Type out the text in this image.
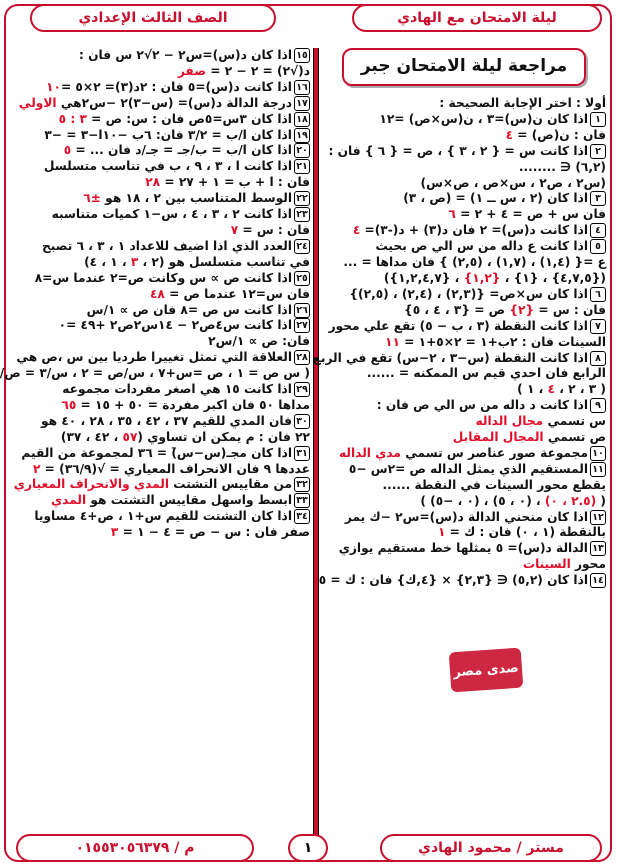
ليلة الامتحان مع الهادي
الصف الثالث الإعدادي
مراجعة ليلة الامتحان جبر
أولا : اختر الإجابة الصحيحة :
١اذا كان ن(س)=٣ ، ن(س×ص) =١٢
فان : ن(ص) = ٤
٢اذا كانت س = { ٢ ، ٣ } ، ص = { ٦ } فان :
(٦,٢) ∈ ........
(س٢ ، ص٢ ، س×ص ، ص×س)
٣اذا كان (٢ ، س ــ ١) = (ص ، ٣)
فان س + ص = ٤ + ٢ = ٦
٤اذا كانت د(س)= ٢ فان د(٣) + د(-٣)= ٤
٥اذا كانت ع داله من س الي ص بحيث
ع ={ (١,٤) ، (١,٧) ، (٢,٥) } فان مداها = ...
({٤,٧,٥} ، {١} ، {١,٢} ، {١,٢,٤,٧})
٦اذا كان س×ص= {(٢,٣) ، (٢,٤) ، (٢,٥)}
فان : س = {٢} ص = {٣ ، ٤ ، ٥}
٧اذا كانت النقطة (٣ ، ب − ٥) تقع علي محور
السينات فان : ٢ب+١ = ٢×٥+١ = ١١
٨اذا كانت النقطة (س−٣ ، ٢−س) تقع في الربع
الرابع فان احدي قيم س الممكنه = ......
( ٣ ، ٢ ، ٤ ، ١ )
٩اذا كانت د داله من س الي ص فان :
س تسمي مجال الداله
ص تسمي المجال المقابل
١٠مجموعة صور عناصر س تسمي مدي الداله
١١المستقيم الذي يمثل الداله ص =٢س −٥
يقطع محور السينات في النقطة ......
( (٢.٥ ، ٠) ، (٠ ، ٥) ، (٠ ، −٥) )
١٢اذا كان منحني الدالة د(س)=س٢ −ك يمر
بالنقطة (١ ، ٠) فان : ك = ١
١٣الدالة د(س)= ٥ يمثلها خط مستقيم يوازي
محور السينات
١٤اذا كان (٥,٢) ∈ {٢,٣} × {٤,ك} فان : ك = ٥
١٥اذا كان د(س)=س٢ − ٢√٢ س فان :
د(√٢) = ٢ − ٢ = صفر
١٦اذا كانت د(س)=٥ فان : ٢د(٣)= ٢×٥ =١٠
١٧درجة الدالة د(س)= (س−٣)٢ −س٢هي الاولي
١٨اذا كان ٣س=٥ص فان : س: ص = ٣ : ٥
١٩اذا كان ا/ب = ٣/٢ فان: ٦ب −١٠ا−٣ = −٣
٢٠اذا كان ا/ب = ب/جـ = جـ/د فان ... = ٥
٢١اذا كانت ا ، ٣ ، ٩ ، ب في تناسب متسلسل
فان : ا + ب = ١ + ٢٧ = ٢٨
٢٢الوسط المتناسب بين ٢ ، ١٨ هو ±٦
٢٣اذا كانت ٢ ، ٣ ، ٤ ، س−١ كميات متناسبه
فان : س = ٧
٢٤العدد الذي اذا اضيف للاعداد ١ ، ٣ ، ٦ تصبح
في تناسب متسلسل هو (٢ ، ٣ ، ١ ، ٤)
٢٥اذا كانت ص ∝ س وكانت ص=٢ عندما س=٨
فان س=١٢ عندما ص = ٤٨
٢٦اذا كانت س ص =٨ فان ص ∝ ١/س
٢٧اذا كانت س٤ص٢ − ١٤س٢ص٢ +٤٩ =٠
فان: ص ∝ ١/س٢
٢٨العلاقة التي تمثل تغييرا طرديا بين س ،ص هي
( س ص = ١ ، ص =س+٧ ، س/ص = ٢ ، س/٣ = ص/
٢٩اذا كانت ١٥ هي اصغر مفردات مجموعه
مداها ٥٠ فان اكبر مفردة = ٥٠ + ١٥ = ٦٥
٣٠فان المدي للقيم ٣٧ ، ٤٢ ، ٣٥ ، ٢٨ ، ٤٠ هو
٢٢ فان : م يمكن ان تساوي (٥٧ ، ٤٢ ، ٣٧)
٣١اذا كان مجـ(س−س̄) = ٣٦ لمجموعة من القيم
عددها ٩ فان الانحراف المعياري = √(٣٦/٩) = ٢
٣٢من مقاييس التشتت المدي والانحراف المعياري
٣٣ابسط واسهل مقاييس التشتت هو المدي
٣٤اذا كان التشتت للقيم س+١ ، ص+٤ مساويا
صفر فان : س − ص = ٤ − ١ = ٣
مستر / محمود الهادي
١
م / ٠١٥٥٣٠٥٦٣٧٩
صدى مصر
